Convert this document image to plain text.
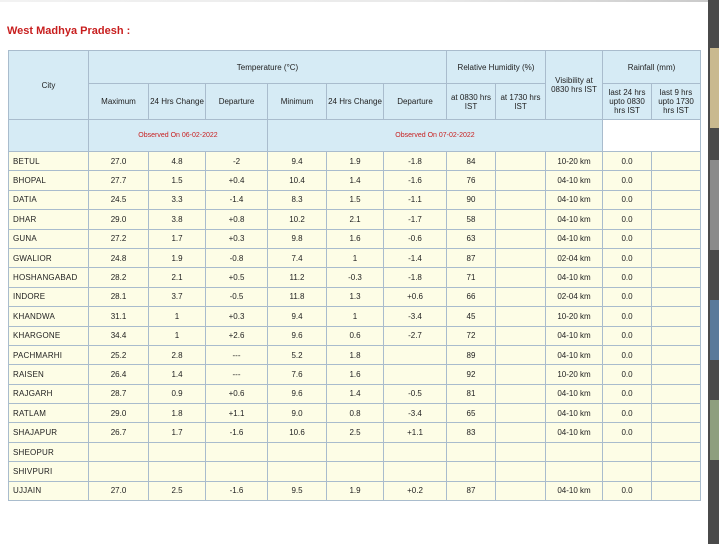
West Madhya Pradesh :
City	Temperature (°C)						Relative Humidity (%)		Visibility at 0830 hrs IST	Rainfall (mm)	
	Maximum	24 Hrs Change	Departure	Minimum	24 Hrs Change	Departure	at 0830 hrs IST	at 1730 hrs IST		last 24 hrs upto 0830 hrs IST	last 9 hrs upto 1730 hrs IST
	Observed On 06-02-2022			Observed On 07-02-2022							
BETUL	27.0	4.8	-2	9.4	1.9	-1.8	84		10-20 km	0.0	
BHOPAL	27.7	1.5	+0.4	10.4	1.4	-1.6	76		04-10 km	0.0	
DATIA	24.5	3.3	-1.4	8.3	1.5	-1.1	90		04-10 km	0.0	
DHAR	29.0	3.8	+0.8	10.2	2.1	-1.7	58		04-10 km	0.0	
GUNA	27.2	1.7	+0.3	9.8	1.6	-0.6	63		04-10 km	0.0	
GWALIOR	24.8	1.9	-0.8	7.4	1	-1.4	87		02-04 km	0.0	
HOSHANGABAD	28.2	2.1	+0.5	11.2	-0.3	-1.8	71		04-10 km	0.0	
INDORE	28.1	3.7	-0.5	11.8	1.3	+0.6	66		02-04 km	0.0	
KHANDWA	31.1	1	+0.3	9.4	1	-3.4	45		10-20 km	0.0	
KHARGONE	34.4	1	+2.6	9.6	0.6	-2.7	72		04-10 km	0.0	
PACHMARHI	25.2	2.8	---	5.2	1.8		89		04-10 km	0.0	
RAISEN	26.4	1.4	---	7.6	1.6		92		10-20 km	0.0	
RAJGARH	28.7	0.9	+0.6	9.6	1.4	-0.5	81		04-10 km	0.0	
RATLAM	29.0	1.8	+1.1	9.0	0.8	-3.4	65		04-10 km	0.0	
SHAJAPUR	26.7	1.7	-1.6	10.6	2.5	+1.1	83		04-10 km	0.0	
SHEOPUR											
SHIVPURI											
UJJAIN	27.0	2.5	-1.6	9.5	1.9	+0.2	87		04-10 km	0.0	
